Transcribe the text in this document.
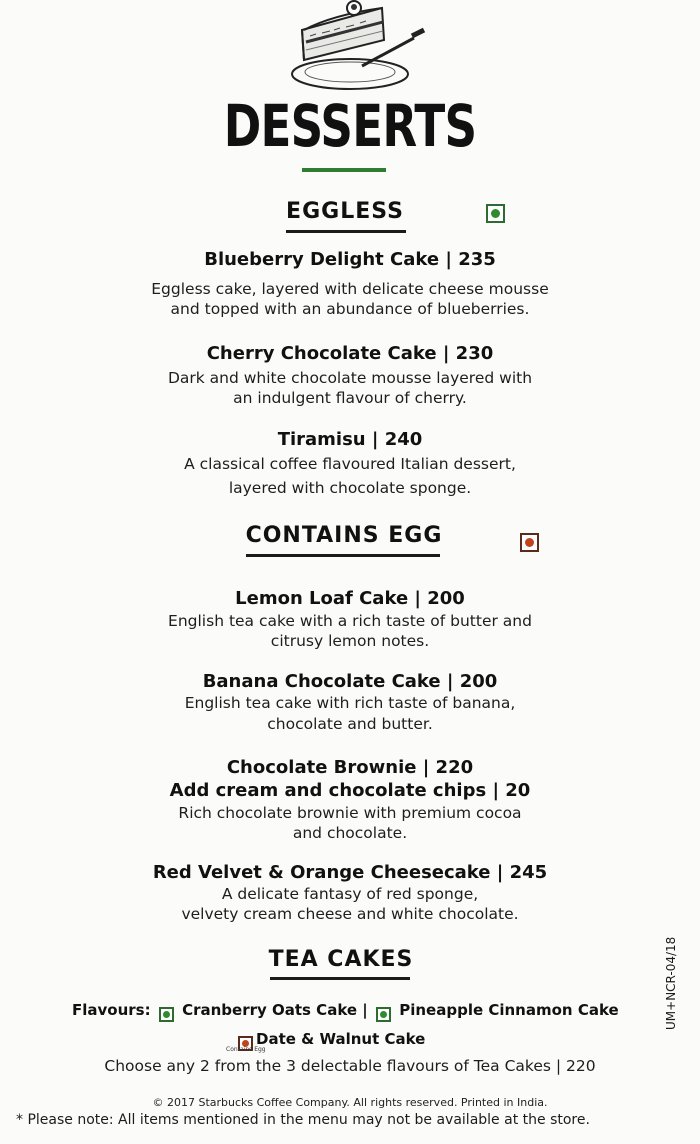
DESSERTS
EGGLESS
Blueberry Delight Cake | 235
Eggless cake, layered with delicate cheese mousse
and topped with an abundance of blueberries.
Cherry Chocolate Cake | 230
Dark and white chocolate mousse layered with
an indulgent flavour of cherry.
Tiramisu | 240
A classical coffee flavoured Italian dessert,
layered with chocolate sponge.
CONTAINS EGG
Lemon Loaf Cake | 200
English tea cake with a rich taste of butter and
citrusy lemon notes.
Banana Chocolate Cake | 200
English tea cake with rich taste of banana,
chocolate and butter.
Chocolate Brownie | 220
Add cream and chocolate chips | 20
Rich chocolate brownie with premium cocoa
and chocolate.
Red Velvet & Orange Cheesecake | 245
A delicate fantasy of red sponge,
velvety cream cheese and white chocolate.
TEA CAKES
Flavours: Cranberry Oats Cake | Pineapple Cinnamon Cake
Date & Walnut Cake
Contains Egg
Choose any 2 from the 3 delectable flavours of Tea Cakes | 220
© 2017 Starbucks Coffee Company. All rights reserved. Printed in India.
* Please note: All items mentioned in the menu may not be available at the store.
UM+NCR-04/18
